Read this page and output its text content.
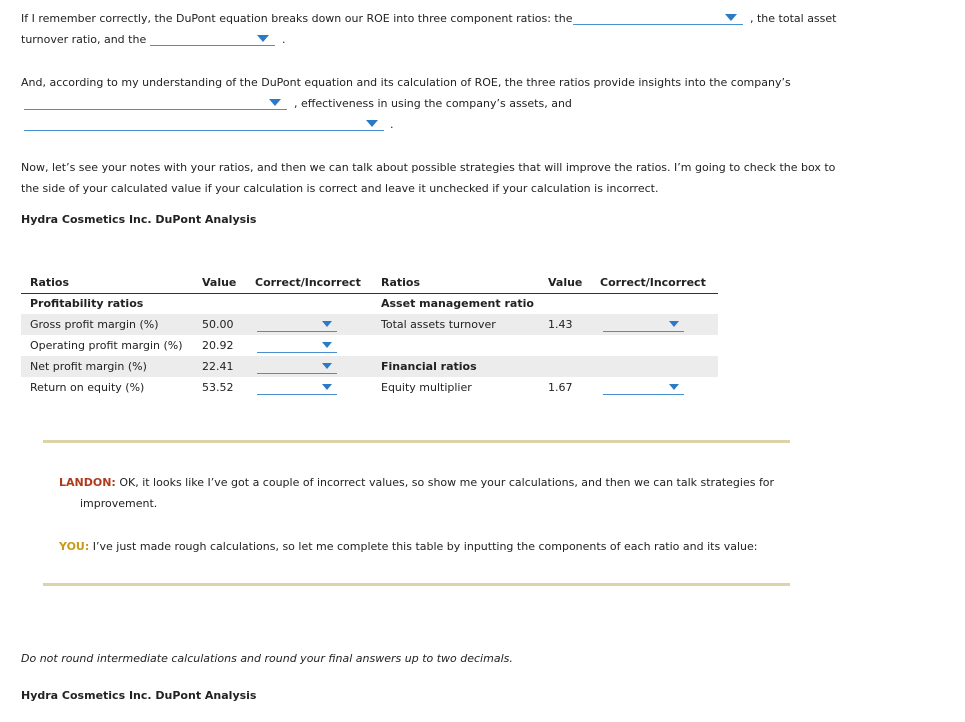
If I remember correctly, the DuPont equation breaks down our ROE into three component ratios: the	, the total asset
turnover ratio, and the	.
And, according to my understanding of the DuPont equation and its calculation of ROE, the three ratios provide insights into the company’s
, effectiveness in using the company’s assets, and
.
Now, let’s see your notes with your ratios, and then we can talk about possible strategies that will improve the ratios. I’m going to check the box to
the side of your calculated value if your calculation is correct and leave it unchecked if your calculation is incorrect.
Hydra Cosmetics Inc. DuPont Analysis
Ratios	Value Correct/Incorrect Ratios	Value Correct/Incorrect
Profitability ratios	Asset management ratio
Gross profit margin (%)	50.00	Total assets turnover	1.43
Operating profit margin (%) 20.92
Net profit margin (%)	22.41	Financial ratios
Return on equity (%)	53.52	Equity multiplier	1.67
LANDON: OK, it looks like I’ve got a couple of incorrect values, so show me your calculations, and then we can talk strategies for
improvement.
YOU: I’ve just made rough calculations, so let me complete this table by inputting the components of each ratio and its value:
Do not round intermediate calculations and round your final answers up to two decimals.
Hydra Cosmetics Inc. DuPont Analysis
